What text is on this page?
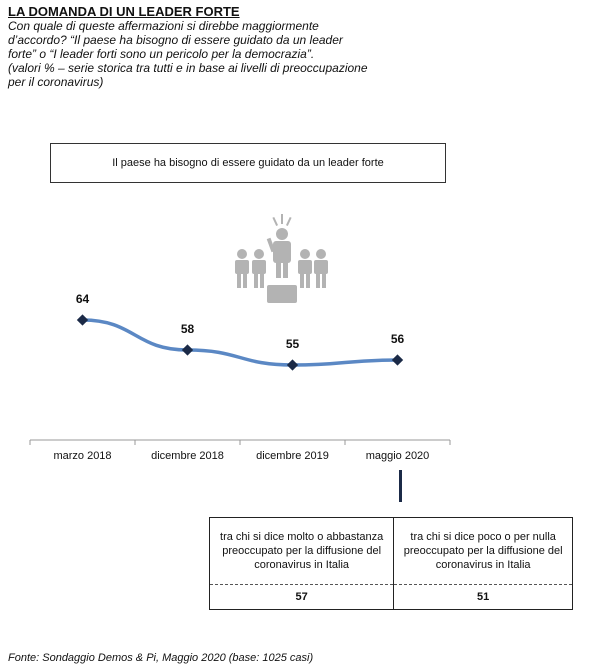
LA DOMANDA DI UN LEADER FORTE
Con quale di queste affermazioni si direbbe maggiormente
d’accordo? “Il paese ha bisogno di essere guidato da un leader
forte” o “I leader forti sono un pericolo per la democrazia”.
(valori % – serie storica tra tutti e in base ai livelli di preoccupazione
per il coronavirus)
Il paese ha bisogno di essere guidato da un leader forte
marzo 2018	dicembre 2018	dicembre 2019	maggio 2020
64
58
55	56
tra chi si dice molto o abbastanza preoccupato per la diffusione del coronavirus in Italia	tra chi si dice poco o per nulla preoccupato per la diffusione del coronavirus in Italia
57	51
Fonte: Sondaggio Demos & Pi, Maggio 2020 (base: 1025 casi)
